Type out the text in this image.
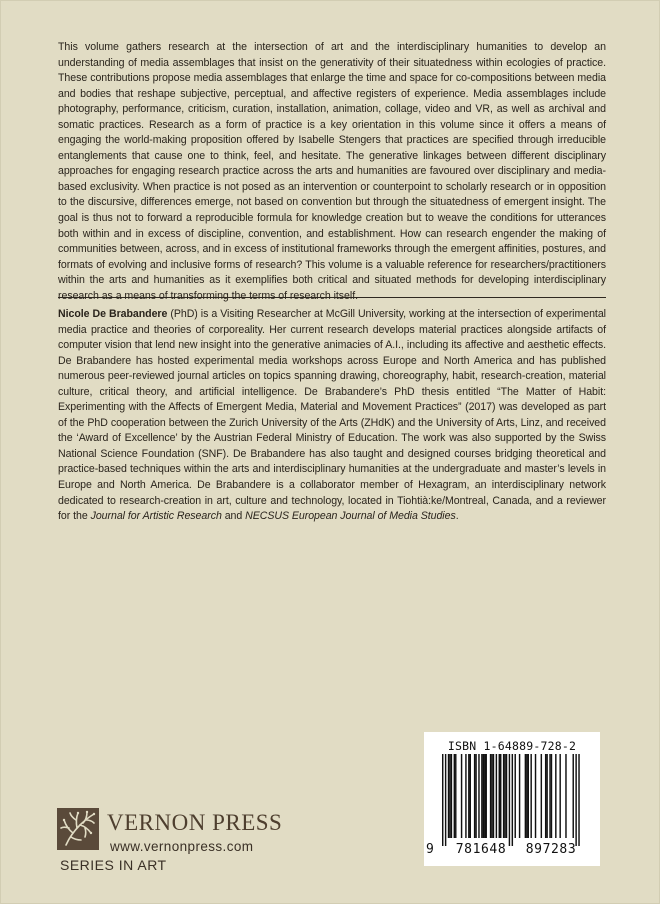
This volume gathers research at the intersection of art and the interdisciplinary humanities to develop an understanding of media assemblages that insist on the generativity of their situatedness within ecologies of practice. These contributions propose media assemblages that enlarge the time and space for co-compositions between media and bodies that reshape subjective, perceptual, and affective registers of experience. Media assemblages include photography, performance, criticism, curation, installation, animation, collage, video and VR, as well as archival and somatic practices. Research as a form of practice is a key orientation in this volume since it offers a means of engaging the world-making proposition offered by Isabelle Stengers that practices are specified through irreducible entanglements that cause one to think, feel, and hesitate. The generative linkages between different disciplinary approaches for engaging research practice across the arts and humanities are favoured over disciplinary and media-based exclusivity. When practice is not posed as an intervention or counterpoint to scholarly research or in opposition to the discursive, differences emerge, not based on convention but through the situatedness of emergent insight. The goal is thus not to forward a reproducible formula for knowledge creation but to weave the conditions for utterances both within and in excess of discipline, convention, and establishment. How can research engender the making of communities between, across, and in excess of institutional frameworks through the emergent affinities, postures, and formats of evolving and inclusive forms of research? This volume is a valuable reference for researchers/practitioners within the arts and humanities as it exemplifies both critical and situated methods for developing interdisciplinary research as a means of transforming the terms of research itself.

Nicole De Brabandere (PhD) is a Visiting Researcher at McGill University, working at the intersection of experimental media practice and theories of corporeality. Her current research develops material practices alongside artifacts of computer vision that lend new insight into the generative animacies of A.I., including its affective and aesthetic effects. De Brabandere has hosted experimental media workshops across Europe and North America and has published numerous peer-reviewed journal articles on topics spanning drawing, choreography, habit, research-creation, material culture, critical theory, and artificial intelligence. De Brabandere’s PhD thesis entitled “The Matter of Habit: Experimenting with the Affects of Emergent Media, Material and Movement Practices” (2017) was developed as part of the PhD cooperation between the Zurich University of the Arts (ZHdK) and the University of Arts, Linz, and received the ‘Award of Excellence’ by the Austrian Federal Ministry of Education. The work was also supported by the Swiss National Science Foundation (SNF). De Brabandere has also taught and designed courses bridging theoretical and practice-based techniques within the arts and interdisciplinary humanities at the undergraduate and master’s levels in Europe and North America. De Brabandere is a collaborator member of Hexagram, an interdisciplinary network dedicated to research-creation in art, culture and technology, located in Tiohtià:ke/Montreal, Canada, and a reviewer for the Journal for Artistic Research and NECSUS European Journal of Media Studies.

VERNON PRESS
www.vernonpress.com
SERIES IN ART
ISBN 1-64889-728-2
9	781648	897283
